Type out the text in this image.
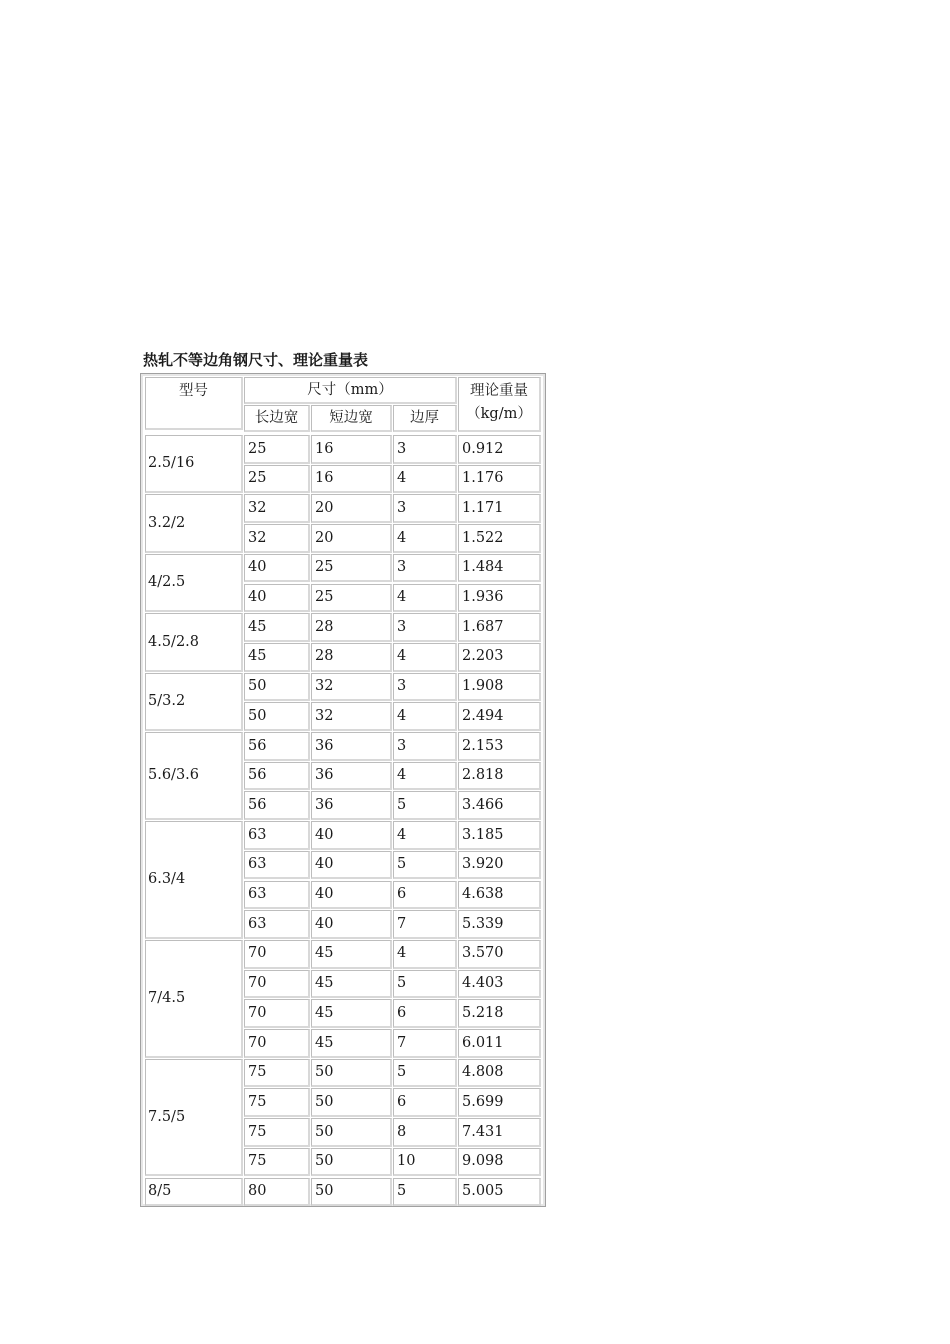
热轧不等边角钢尺寸、理论重量表
型号	尺寸（mm）
长边宽	短边宽	边厚
理论重量
（kg/m）
2.5/16
25	16	3	0.912
25	16	4	1.176
3.2/2
32	20	3	1.171
32	20	4	1.522
4/2.5
40	25	3	1.484
40	25	4	1.936
4.5/2.8
45	28	3	1.687
45	28	4	2.203
5/3.2
50	32	3	1.908
50	32	4	2.494
5.6/3.6
56	36	3	2.153
56	36	4	2.818
56	36	5	3.466
6.3/4
63	40	4	3.185
63	40	5	3.920
63	40	6	4.638
63	40	7	5.339
7/4.5
70	45	4	3.570
70	45	5	4.403
70	45	6	5.218
70	45	7	6.011
7.5/5
75	50	5	4.808
75	50	6	5.699
75	50	8	7.431
75	50	10	9.098
8/5	80	50	5	5.005
